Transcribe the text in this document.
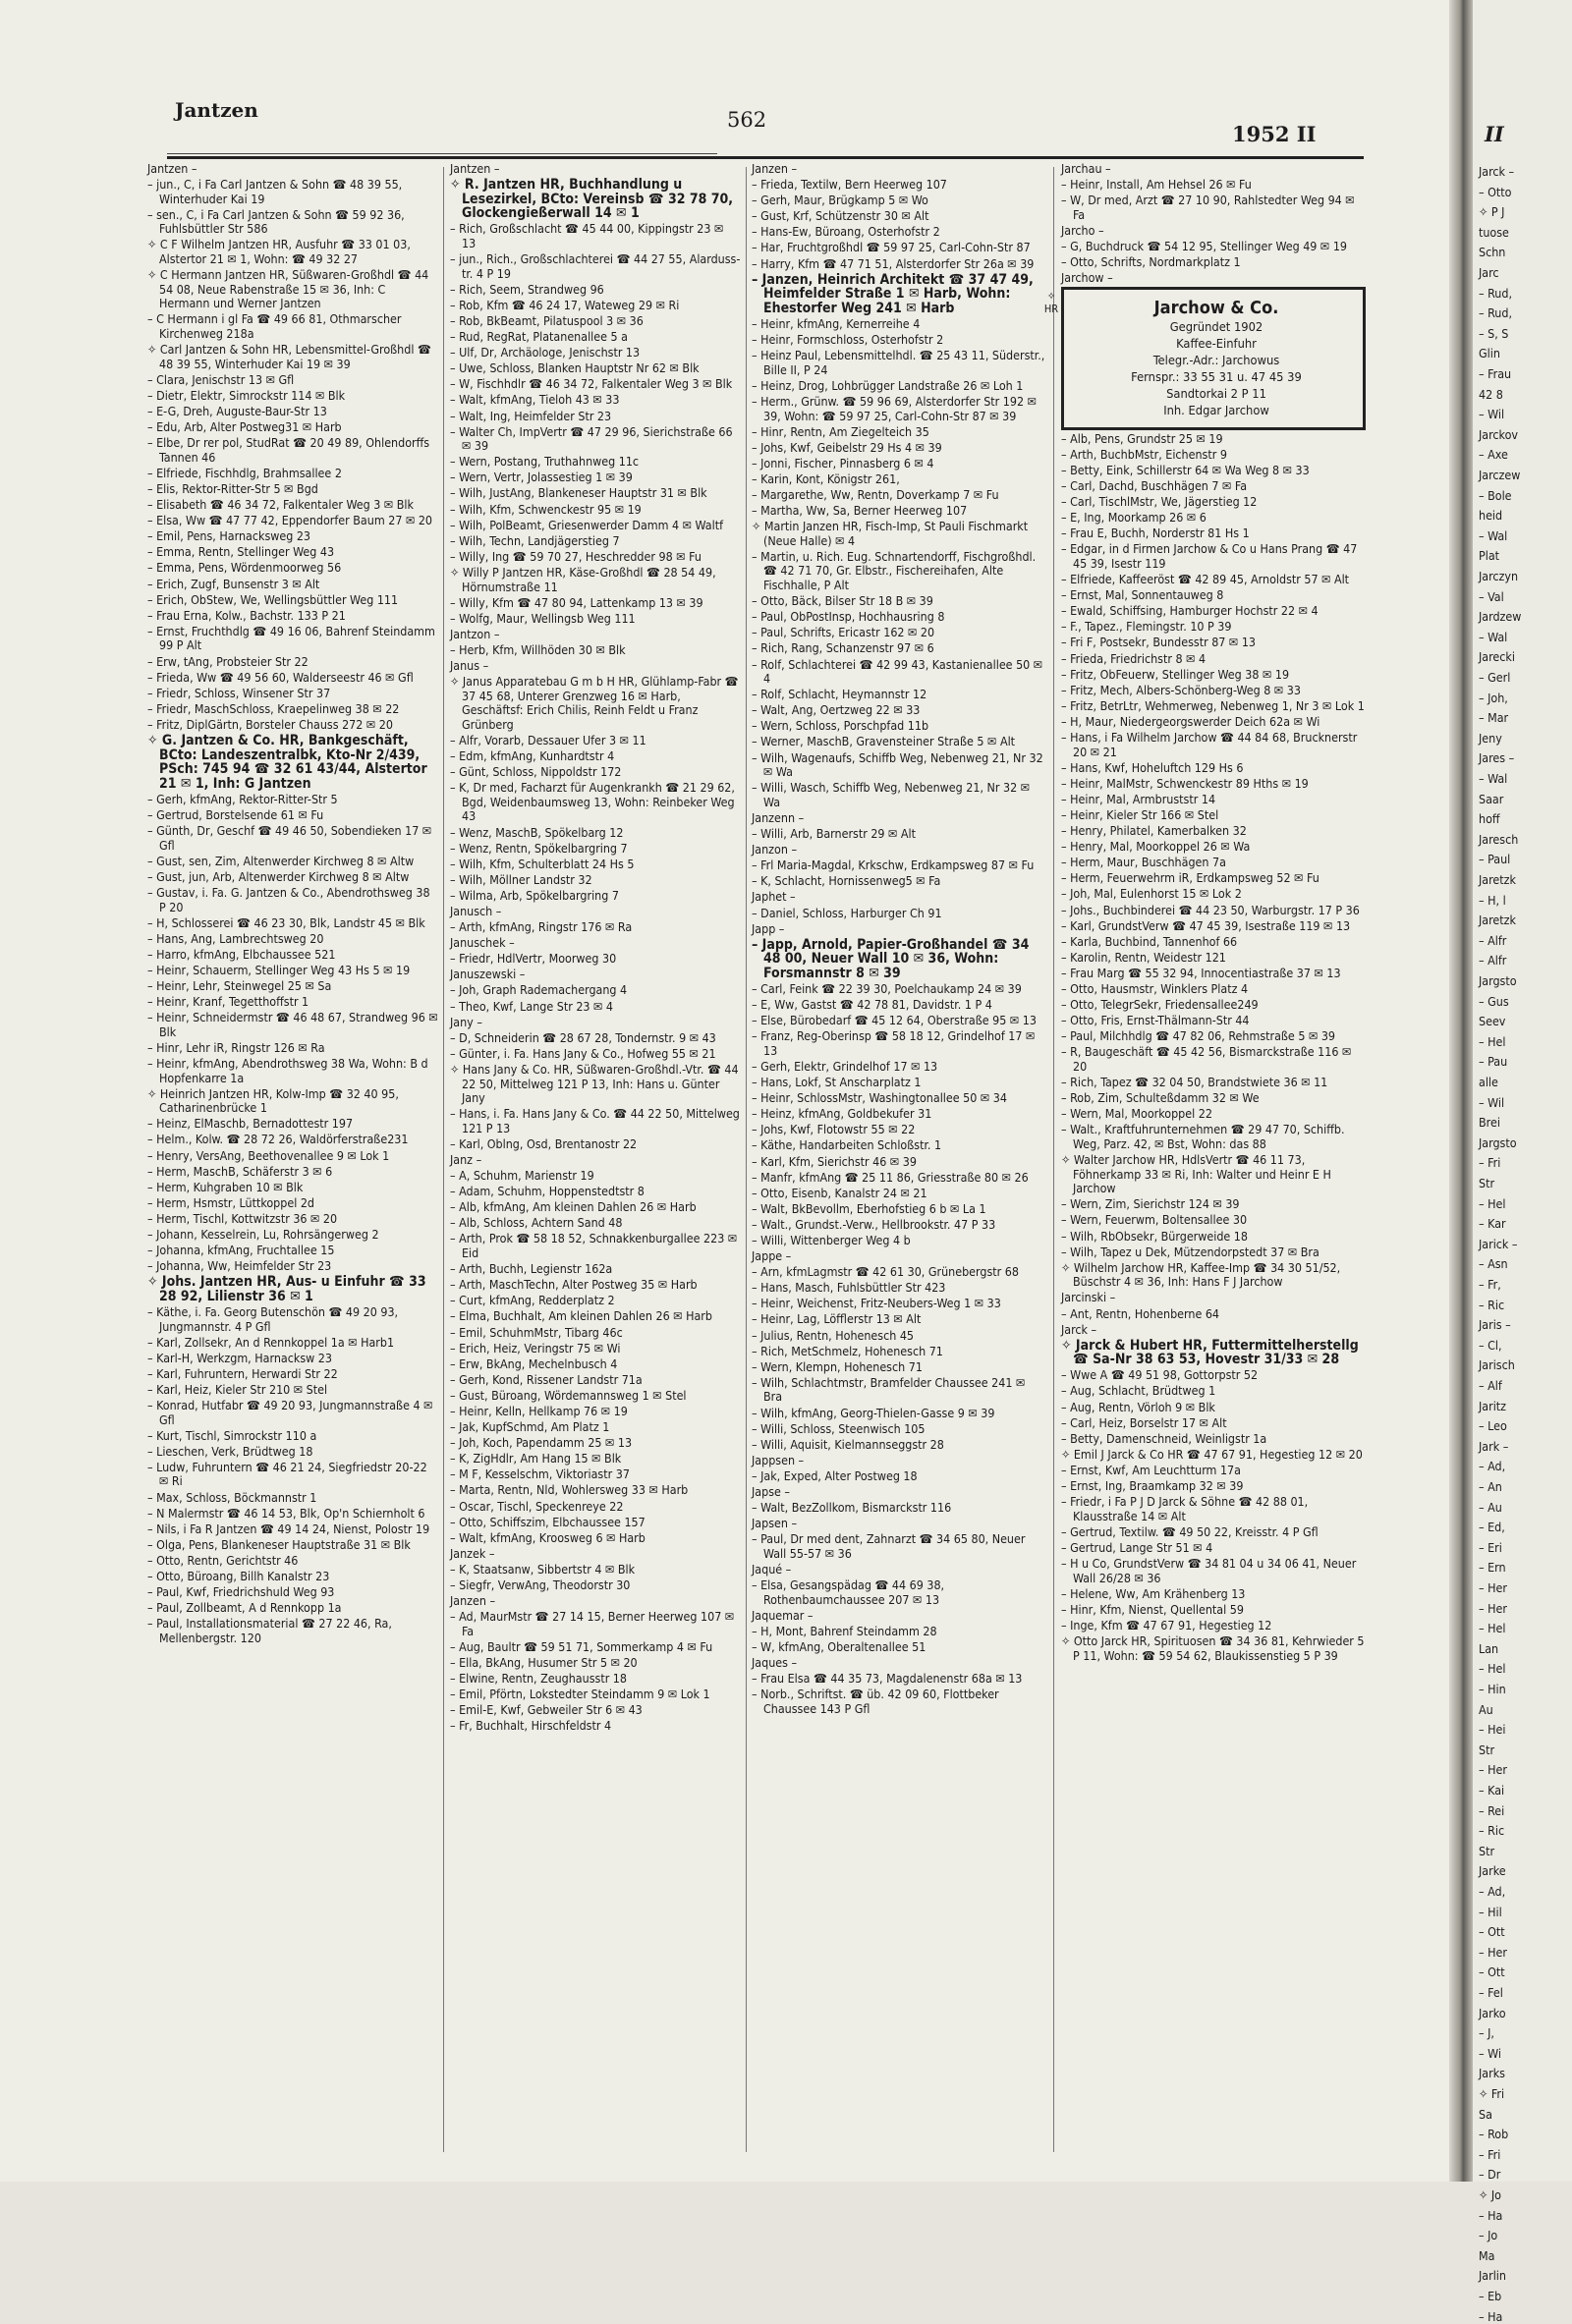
Jantzen	562
1952 II
Jantzen –
– jun., C, i Fa Carl Jantzen & Sohn ☎ 48 39 55, Winterhuder Kai 19
– sen., C, i Fa Carl Jantzen & Sohn ☎ 59 92 36, Fuhlsbüttler Str 586
✧ C F Wilhelm Jantzen HR, Ausfuhr ☎ 33 01 03, Alstertor 21 ✉ 1, Wohn: ☎ 49 32 27
✧ C Hermann Jantzen HR, Süßwaren-Großhdl ☎ 44 54 08, Neue Rabenstraße 15 ✉ 36, Inh: C Hermann und Werner Jantzen
– C Hermann i gl Fa ☎ 49 66 81, Othmarscher Kirchenweg 218a
✧ Carl Jantzen & Sohn HR, Lebensmittel-Großhdl ☎ 48 39 55, Winterhuder Kai 19 ✉ 39
– Clara, Jenischstr 13 ✉ Gfl
– Dietr, Elektr, Simrockstr 114 ✉ Blk
– E-G, Dreh, Auguste-Baur-Str 13
– Edu, Arb, Alter Postweg31 ✉ Harb
– Elbe, Dr rer pol, StudRat ☎ 20 49 89, Ohlendorffs Tannen 46
– Elfriede, Fischhdlg, Brahmsallee 2
– Elis, Rektor-Ritter-Str 5 ✉ Bgd
– Elisabeth ☎ 46 34 72, Falkentaler Weg 3 ✉ Blk
– Elsa, Ww ☎ 47 77 42, Eppendorfer Baum 27 ✉ 20
– Emil, Pens, Harnacksweg 23
– Emma, Rentn, Stellinger Weg 43
– Emma, Pens, Wördenmoorweg 56
– Erich, Zugf, Bunsenstr 3 ✉ Alt
– Erich, ObStew, We, Wellingsbüttler Weg 111
– Frau Erna, Kolw., Bachstr. 133 P 21
– Ernst, Fruchthdlg ☎ 49 16 06, Bahrenf Steindamm 99 P Alt
– Erw, tAng, Probsteier Str 22
– Frieda, Ww ☎ 49 56 60, Walderseestr 46 ✉ Gfl
– Friedr, Schloss, Winsener Str 37
– Friedr, MaschSchloss, Kraepelinweg 38 ✉ 22
– Fritz, DiplGärtn, Borsteler Chauss 272 ✉ 20
✧ G. Jantzen & Co. HR, Bankgeschäft, BCto: Landeszentralbk, Kto-Nr 2/439, PSch: 745 94 ☎ 32 61 43/44, Alstertor 21 ✉ 1, Inh: G Jantzen
– Gerh, kfmAng, Rektor-Ritter-Str 5
– Gertrud, Borstelsende 61 ✉ Fu
– Günth, Dr, Geschf ☎ 49 46 50, Sobendieken 17 ✉ Gfl
– Gust, sen, Zim, Altenwerder Kirchweg 8 ✉ Altw
– Gust, jun, Arb, Altenwerder Kirchweg 8 ✉ Altw
– Gustav, i. Fa. G. Jantzen & Co., Abendrothsweg 38 P 20
– H, Schlosserei ☎ 46 23 30, Blk, Landstr 45 ✉ Blk
– Hans, Ang, Lambrechtsweg 20
– Harro, kfmAng, Elbchaussee 521
– Heinr, Schauerm, Stellinger Weg 43 Hs 5 ✉ 19
– Heinr, Lehr, Steinwegel 25 ✉ Sa
– Heinr, Kranf, Tegetthoffstr 1
– Heinr, Schneidermstr ☎ 46 48 67, Strandweg 96 ✉ Blk
– Hinr, Lehr iR, Ringstr 126 ✉ Ra
– Heinr, kfmAng, Abendrothsweg 38 Wa, Wohn: B d Hopfenkarre 1a
✧ Heinrich Jantzen HR, Kolw-Imp ☎ 32 40 95, Catharinenbrücke 1
– Heinz, ElMaschb, Bernadottestr 197
– Helm., Kolw. ☎ 28 72 26, Waldörferstraße231
– Henry, VersAng, Beethovenallee 9 ✉ Lok 1
– Herm, MaschB, Schäferstr 3 ✉ 6
– Herm, Kuhgraben 10 ✉ Blk
– Herm, Hsmstr, Lüttkoppel 2d
– Herm, Tischl, Kottwitzstr 36 ✉ 20
– Johann, Kesselrein, Lu, Rohrsängerweg 2
– Johanna, kfmAng, Fruchtallee 15
– Johanna, Ww, Heimfelder Str 23
✧ Johs. Jantzen HR, Aus- u Einfuhr ☎ 33 28 92, Lilienstr 36 ✉ 1
– Käthe, i. Fa. Georg Butenschön ☎ 49 20 93, Jungmannstr. 4 P Gfl
– Karl, Zollsekr, An d Rennkoppel 1a ✉ Harb1
– Karl-H, Werkzgm, Harnacksw 23
– Karl, Fuhruntern, Herwardi Str 22
– Karl, Heiz, Kieler Str 210 ✉ Stel
– Konrad, Hutfabr ☎ 49 20 93, Jungmannstraße 4 ✉ Gfl
– Kurt, Tischl, Simrockstr 110 a
– Lieschen, Verk, Brüdtweg 18
– Ludw, Fuhruntern ☎ 46 21 24, Siegfriedstr 20-22 ✉ Ri
– Max, Schloss, Böckmannstr 1
– N Malermstr ☎ 46 14 53, Blk, Op'n Schiernholt 6
– Nils, i Fa R Jantzen ☎ 49 14 24, Nienst, Polostr 19
– Olga, Pens, Blankeneser Hauptstraße 31 ✉ Blk
– Otto, Rentn, Gerichtstr 46
– Otto, Büroang, Billh Kanalstr 23
– Paul, Kwf, Friedrichshuld Weg 93
– Paul, Zollbeamt, A d Rennkopp 1a
– Paul, Installationsmaterial ☎ 27 22 46, Ra, Mellenbergstr. 120
Jantzen –
✧ R. Jantzen HR, Buchhandlung u Lesezirkel, BCto: Vereinsb ☎ 32 78 70, Glockengießerwall 14 ✉ 1
– Rich, Großschlacht ☎ 45 44 00, Kippingstr 23 ✉ 13
– jun., Rich., Großschlachterei ☎ 44 27 55, Alardusstr. 4 P 19
– Rich, Seem, Strandweg 96
– Rob, Kfm ☎ 46 24 17, Wateweg 29 ✉ Ri
– Rob, BkBeamt, Pilatuspool 3 ✉ 36
– Rud, RegRat, Platanenallee 5 a
– Ulf, Dr, Archäologe, Jenischstr 13
– Uwe, Schloss, Blanken Hauptstr Nr 62 ✉ Blk
– W, Fischhdlr ☎ 46 34 72, Falkentaler Weg 3 ✉ Blk
– Walt, kfmAng, Tieloh 43 ✉ 33
– Walt, Ing, Heimfelder Str 23
– Walter Ch, ImpVertr ☎ 47 29 96, Sierichstraße 66 ✉ 39
– Wern, Postang, Truthahnweg 11c
– Wern, Vertr, Jolassestieg 1 ✉ 39
– Wilh, JustAng, Blankeneser Hauptstr 31 ✉ Blk
– Wilh, Kfm, Schwenckestr 95 ✉ 19
– Wilh, PolBeamt, Griesenwerder Damm 4 ✉ Waltf
– Wilh, Techn, Landjägerstieg 7
– Willy, Ing ☎ 59 70 27, Heschredder 98 ✉ Fu
✧ Willy P Jantzen HR, Käse-Großhdl ☎ 28 54 49, Hörnumstraße 11
– Willy, Kfm ☎ 47 80 94, Lattenkamp 13 ✉ 39
– Wolfg, Maur, Wellingsb Weg 111
Jantzon –
– Herb, Kfm, Willhöden 30 ✉ Blk
Janus –
✧ Janus Apparatebau G m b H HR, Glühlamp-Fabr ☎ 37 45 68, Unterer Grenzweg 16 ✉ Harb, Geschäftsf: Erich Chilis, Reinh Feldt u Franz Grünberg
– Alfr, Vorarb, Dessauer Ufer 3 ✉ 11
– Edm, kfmAng, Kunhardtstr 4
– Günt, Schloss, Nippoldstr 172
– K, Dr med, Facharzt für Augenkrankh ☎ 21 29 62, Bgd, Weidenbaumsweg 13, Wohn: Reinbeker Weg 43
– Wenz, MaschB, Spökelbarg 12
– Wenz, Rentn, Spökelbargring 7
– Wilh, Kfm, Schulterblatt 24 Hs 5
– Wilh, Möllner Landstr 32
– Wilma, Arb, Spökelbargring 7
Janusch –
– Arth, kfmAng, Ringstr 176 ✉ Ra
Januschek –
– Friedr, HdlVertr, Moorweg 30
Januszewski –
– Joh, Graph Rademachergang 4
– Theo, Kwf, Lange Str 23 ✉ 4
Jany –
– D, Schneiderin ☎ 28 67 28, Tondernstr. 9 ✉ 43
– Günter, i. Fa. Hans Jany & Co., Hofweg 55 ✉ 21
✧ Hans Jany & Co. HR, Süßwaren-Großhdl.-Vtr. ☎ 44 22 50, Mittelweg 121 P 13, Inh: Hans u. Günter Jany
– Hans, i. Fa. Hans Jany & Co. ☎ 44 22 50, Mittelweg 121 P 13
– Karl, Oblng, Osd, Brentanostr 22
Janz –
– A, Schuhm, Marienstr 19
– Adam, Schuhm, Hoppenstedtstr 8
– Alb, kfmAng, Am kleinen Dahlen 26 ✉ Harb
– Alb, Schloss, Achtern Sand 48
– Arth, Prok ☎ 58 18 52, Schnakkenburgallee 223 ✉ Eid
– Arth, Buchh, Legienstr 162a
– Arth, MaschTechn, Alter Postweg 35 ✉ Harb
– Curt, kfmAng, Redderplatz 2
– Elma, Buchhalt, Am kleinen Dahlen 26 ✉ Harb
– Emil, SchuhmMstr, Tibarg 46c
– Erich, Heiz, Veringstr 75 ✉ Wi
– Erw, BkAng, Mechelnbusch 4
– Gerh, Kond, Rissener Landstr 71a
– Gust, Büroang, Wördemannsweg 1 ✉ Stel
– Heinr, Kelln, Hellkamp 76 ✉ 19
– Jak, KupfSchmd, Am Platz 1
– Joh, Koch, Papendamm 25 ✉ 13
– K, ZigHdlr, Am Hang 15 ✉ Blk
– M F, Kesselschm, Viktoriastr 37
– Marta, Rentn, Nld, Wohlersweg 33 ✉ Harb
– Oscar, Tischl, Speckenreye 22
– Otto, Schiffszim, Elbchaussee 157
– Walt, kfmAng, Kroosweg 6 ✉ Harb
Janzek –
– K, Staatsanw, Sibbertstr 4 ✉ Blk
– Siegfr, VerwAng, Theodorstr 30
Janzen –
– Ad, MaurMstr ☎ 27 14 15, Berner Heerweg 107 ✉ Fa
– Aug, Baultr ☎ 59 51 71, Sommerkamp 4 ✉ Fu
– Ella, BkAng, Husumer Str 5 ✉ 20
– Elwine, Rentn, Zeughausstr 18
– Emil, Pförtn, Lokstedter Steindamm 9 ✉ Lok 1
– Emil-E, Kwf, Gebweiler Str 6 ✉ 43
– Fr, Buchhalt, Hirschfeldstr 4
Janzen –
– Frieda, Textilw, Bern Heerweg 107
– Gerh, Maur, Brügkamp 5 ✉ Wo
– Gust, Krf, Schützenstr 30 ✉ Alt
– Hans-Ew, Büroang, Osterhofstr 2
– Har, Fruchtgroßhdl ☎ 59 97 25, Carl-Cohn-Str 87
– Harry, Kfm ☎ 47 71 51, Alsterdorfer Str 26a ✉ 39
– Janzen, Heinrich Architekt ☎ 37 47 49, Heimfelder Straße 1 ✉ Harb, Wohn: Ehestorfer Weg 241 ✉ Harb
– Heinr, kfmAng, Kernerreihe 4
– Heinr, Formschloss, Osterhofstr 2
– Heinz Paul, Lebensmittelhdl. ☎ 25 43 11, Süderstr., Bille II, P 24
– Heinz, Drog, Lohbrügger Landstraße 26 ✉ Loh 1
– Herm., Grünw. ☎ 59 96 69, Alsterdorfer Str 192 ✉ 39, Wohn: ☎ 59 97 25, Carl-Cohn-Str 87 ✉ 39
– Hinr, Rentn, Am Ziegelteich 35
– Johs, Kwf, Geibelstr 29 Hs 4 ✉ 39
– Jonni, Fischer, Pinnasberg 6 ✉ 4
– Karin, Kont, Königstr 261,
– Margarethe, Ww, Rentn, Doverkamp 7 ✉ Fu
– Martha, Ww, Sa, Berner Heerweg 107
✧ Martin Janzen HR, Fisch-Imp, St Pauli Fischmarkt (Neue Halle) ✉ 4
– Martin, u. Rich. Eug. Schnartendorff, Fischgroßhdl. ☎ 42 71 70, Gr. Elbstr., Fischereihafen, Alte Fischhalle, P Alt
– Otto, Bäck, Bilser Str 18 B ✉ 39
– Paul, ObPostInsp, Hochhausring 8
– Paul, Schrifts, Ericastr 162 ✉ 20
– Rich, Rang, Schanzenstr 97 ✉ 6
– Rolf, Schlachterei ☎ 42 99 43, Kastanienallee 50 ✉ 4
– Rolf, Schlacht, Heymannstr 12
– Walt, Ang, Oertzweg 22 ✉ 33
– Wern, Schloss, Porschpfad 11b
– Werner, MaschB, Gravensteiner Straße 5 ✉ Alt
– Wilh, Wagenaufs, Schiffb Weg, Nebenweg 21, Nr 32 ✉ Wa
– Willi, Wasch, Schiffb Weg, Nebenweg 21, Nr 32 ✉ Wa
Janzenn –
– Willi, Arb, Barnerstr 29 ✉ Alt
Janzon –
– Frl Maria-Magdal, Krkschw, Erdkampsweg 87 ✉ Fu
– K, Schlacht, Hornissenweg5 ✉ Fa
Japhet –
– Daniel, Schloss, Harburger Ch 91
Japp –
– Japp, Arnold, Papier-Großhandel ☎ 34 48 00, Neuer Wall 10 ✉ 36, Wohn: Forsmannstr 8 ✉ 39
– Carl, Feink ☎ 22 39 30, Poelchaukamp 24 ✉ 39
– E, Ww, Gastst ☎ 42 78 81, Davidstr. 1 P 4
– Else, Bürobedarf ☎ 45 12 64, Oberstraße 95 ✉ 13
– Franz, Reg-Oberinsp ☎ 58 18 12, Grindelhof 17 ✉ 13
– Gerh, Elektr, Grindelhof 17 ✉ 13
– Hans, Lokf, St Anscharplatz 1
– Heinr, SchlossMstr, Washingtonallee 50 ✉ 34
– Heinz, kfmAng, Goldbekufer 31
– Johs, Kwf, Flotowstr 55 ✉ 22
– Käthe, Handarbeiten Schloßstr. 1
– Karl, Kfm, Sierichstr 46 ✉ 39
– Manfr, kfmAng ☎ 25 11 86, Griesstraße 80 ✉ 26
– Otto, Eisenb, Kanalstr 24 ✉ 21
– Walt, BkBevollm, Eberhofstieg 6 b ✉ La 1
– Walt., Grundst.-Verw., Hellbrookstr. 47 P 33
– Willi, Wittenberger Weg 4 b
Jappe –
– Arn, kfmLagmstr ☎ 42 61 30, Grünebergstr 68
– Hans, Masch, Fuhlsbüttler Str 423
– Heinr, Weichenst, Fritz-Neubers-Weg 1 ✉ 33
– Heinr, Lag, Löfflerstr 13 ✉ Alt
– Julius, Rentn, Hohenesch 45
– Rich, MetSchmelz, Hohenesch 71
– Wern, Klempn, Hohenesch 71
– Wilh, Schlachtmstr, Bramfelder Chaussee 241 ✉ Bra
– Wilh, kfmAng, Georg-Thielen-Gasse 9 ✉ 39
– Willi, Schloss, Steenwisch 105
– Willi, Aquisit, Kielmannseggstr 28
Jappsen –
– Jak, Exped, Alter Postweg 18
Japse –
– Walt, BezZollkom, Bismarckstr 116
Japsen –
– Paul, Dr med dent, Zahnarzt ☎ 34 65 80, Neuer Wall 55-57 ✉ 36
Jaqué –
– Elsa, Gesangspädag ☎ 44 69 38, Rothenbaumchaussee 207 ✉ 13
Jaquemar –
– H, Mont, Bahrenf Steindamm 28
– W, kfmAng, Oberaltenallee 51
Jaques –
– Frau Elsa ☎ 44 35 73, Magdalenenstr 68a ✉ 13
– Norb., Schriftst. ☎ üb. 42 09 60, Flottbeker Chaussee 143 P Gfl
Jarchau –
– Heinr, Install, Am Hehsel 26 ✉ Fu
– W, Dr med, Arzt ☎ 27 10 90, Rahlstedter Weg 94 ✉ Fa
Jarcho –
– G, Buchdruck ☎ 54 12 95, Stellinger Weg 49 ✉ 19
– Otto, Schrifts, Nordmarkplatz 1
Jarchow –
Jarchow & Co.
Gegründet 1902
Kaffee-Einfuhr
Telegr.-Adr.: Jarchowus
Fernspr.: 33 55 31 u. 47 45 39
Sandtorkai 2 P 11
Inh. Edgar Jarchow
✧ HR
– Alb, Pens, Grundstr 25 ✉ 19
– Arth, BuchbMstr, Eichenstr 9
– Betty, Eink, Schillerstr 64 ✉ Wa Weg 8 ✉ 33
– Carl, Dachd, Buschhägen 7 ✉ Fa
– Carl, TischlMstr, We, Jägerstieg 12
– E, Ing, Moorkamp 26 ✉ 6
– Frau E, Buchh, Norderstr 81 Hs 1
– Edgar, in d Firmen Jarchow & Co u Hans Prang ☎ 47 45 39, Isestr 119
– Elfriede, Kaffeeröst ☎ 42 89 45, Arnoldstr 57 ✉ Alt
– Ernst, Mal, Sonnentauweg 8
– Ewald, Schiffsing, Hamburger Hochstr 22 ✉ 4
– F., Tapez., Flemingstr. 10 P 39
– Fri F, Postsekr, Bundesstr 87 ✉ 13
– Frieda, Friedrichstr 8 ✉ 4
– Fritz, ObFeuerw, Stellinger Weg 38 ✉ 19
– Fritz, Mech, Albers-Schönberg-Weg 8 ✉ 33
– Fritz, BetrLtr, Wehmerweg, Nebenweg 1, Nr 3 ✉ Lok 1
– H, Maur, Niedergeorgswerder Deich 62a ✉ Wi
– Hans, i Fa Wilhelm Jarchow ☎ 44 84 68, Brucknerstr 20 ✉ 21
– Hans, Kwf, Hoheluftch 129 Hs 6
– Heinr, MalMstr, Schwenckestr 89 Hths ✉ 19
– Heinr, Mal, Armbruststr 14
– Heinr, Kieler Str 166 ✉ Stel
– Henry, Philatel, Kamerbalken 32
– Henry, Mal, Moorkoppel 26 ✉ Wa
– Herm, Maur, Buschhägen 7a
– Herm, Feuerwehrm iR, Erdkampsweg 52 ✉ Fu
– Joh, Mal, Eulenhorst 15 ✉ Lok 2
– Johs., Buchbinderei ☎ 44 23 50, Warburgstr. 17 P 36
– Karl, GrundstVerw ☎ 47 45 39, Isestraße 119 ✉ 13
– Karla, Buchbind, Tannenhof 66
– Karolin, Rentn, Weidestr 121
– Frau Marg ☎ 55 32 94, Innocentiastraße 37 ✉ 13
– Otto, Hausmstr, Winklers Platz 4
– Otto, TelegrSekr, Friedensallee249
– Otto, Fris, Ernst-Thälmann-Str 44
– Paul, Milchhdlg ☎ 47 82 06, Rehmstraße 5 ✉ 39
– R, Baugeschäft ☎ 45 42 56, Bismarckstraße 116 ✉ 20
– Rich, Tapez ☎ 32 04 50, Brandstwiete 36 ✉ 11
– Rob, Zim, Schulteßdamm 32 ✉ We
– Wern, Mal, Moorkoppel 22
– Walt., Kraftfuhrunternehmen ☎ 29 47 70, Schiffb. Weg, Parz. 42, ✉ Bst, Wohn: das 88
✧ Walter Jarchow HR, HdlsVertr ☎ 46 11 73, Föhnerkamp 33 ✉ Ri, Inh: Walter und Heinr E H Jarchow
– Wern, Zim, Sierichstr 124 ✉ 39
– Wern, Feuerwm, Boltensallee 30
– Wilh, RbObsekr, Bürgerweide 18
– Wilh, Tapez u Dek, Mützendorpstedt 37 ✉ Bra
✧ Wilhelm Jarchow HR, Kaffee-Imp ☎ 34 30 51/52, Büschstr 4 ✉ 36, Inh: Hans F J Jarchow
Jarcinski –
– Ant, Rentn, Hohenberne 64
Jarck –
✧ Jarck & Hubert HR, Futtermittelherstellg ☎ Sa-Nr 38 63 53, Hovestr 31/33 ✉ 28
– Wwe A ☎ 49 51 98, Gottorpstr 52
– Aug, Schlacht, Brüdtweg 1
– Aug, Rentn, Vörloh 9 ✉ Blk
– Carl, Heiz, Borselstr 17 ✉ Alt
– Betty, Damenschneid, Weinligstr 1a
✧ Emil J Jarck & Co HR ☎ 47 67 91, Hegestieg 12 ✉ 20
– Ernst, Kwf, Am Leuchtturm 17a
– Ernst, Ing, Braamkamp 32 ✉ 39
– Friedr, i Fa P J D Jarck & Söhne ☎ 42 88 01, Klausstraße 14 ✉ Alt
– Gertrud, Textilw. ☎ 49 50 22, Kreisstr. 4 P Gfl
– Gertrud, Lange Str 51 ✉ 4
– H u Co, GrundstVerw ☎ 34 81 04 u 34 06 41, Neuer Wall 26/28 ✉ 36
– Helene, Ww, Am Krähenberg 13
– Hinr, Kfm, Nienst, Quellental 59
– Inge, Kfm ☎ 47 67 91, Hegestieg 12
✧ Otto Jarck HR, Spirituosen ☎ 34 36 81, Kehrwieder 5 P 11, Wohn: ☎ 59 54 62, Blaukissenstieg 5 P 39
II
Jarck –
– Otto
✧ P J
tuose
Schn
Jarc
– Rud,
– Rud,
– S, S
Glin
– Frau
42 8
– Wil
Jarckov
– Axe
Jarczew
– Bole
heid
– Wal
Plat
Jarczyn
– Val
Jardzew
– Wal
Jarecki
– Gerl
– Joh,
– Mar
Jeny
Jares –
– Wal
Saar
hoff
Jaresch
– Paul
Jaretzk
– H, l
Jaretzk
– Alfr
– Alfr
Jargsto
– Gus
Seev
– Hel
– Pau
alle
– Wil
Brei
Jargsto
– Fri
Str
– Hel
– Kar
Jarick –
– Asn
– Fr,
– Ric
Jaris –
– Cl,
Jarisch
– Alf
Jaritz
– Leo
Jark –
– Ad,
– An
– Au
– Ed,
– Eri
– Ern
– Her
– Her
– Hel
Lan
– Hel
– Hin
Au
– Hei
Str
– Her
– Kai
– Rei
– Ric
Str
Jarke
– Ad,
– Hil
– Ott
– Her
– Ott
– Fel
Jarko
– J,
– Wi
Jarks
✧ Fri
Sa
– Rob
– Fri
– Dr
✧ Jo
– Ha
– Jo
Ma
Jarlin
– Eb
– Ha
